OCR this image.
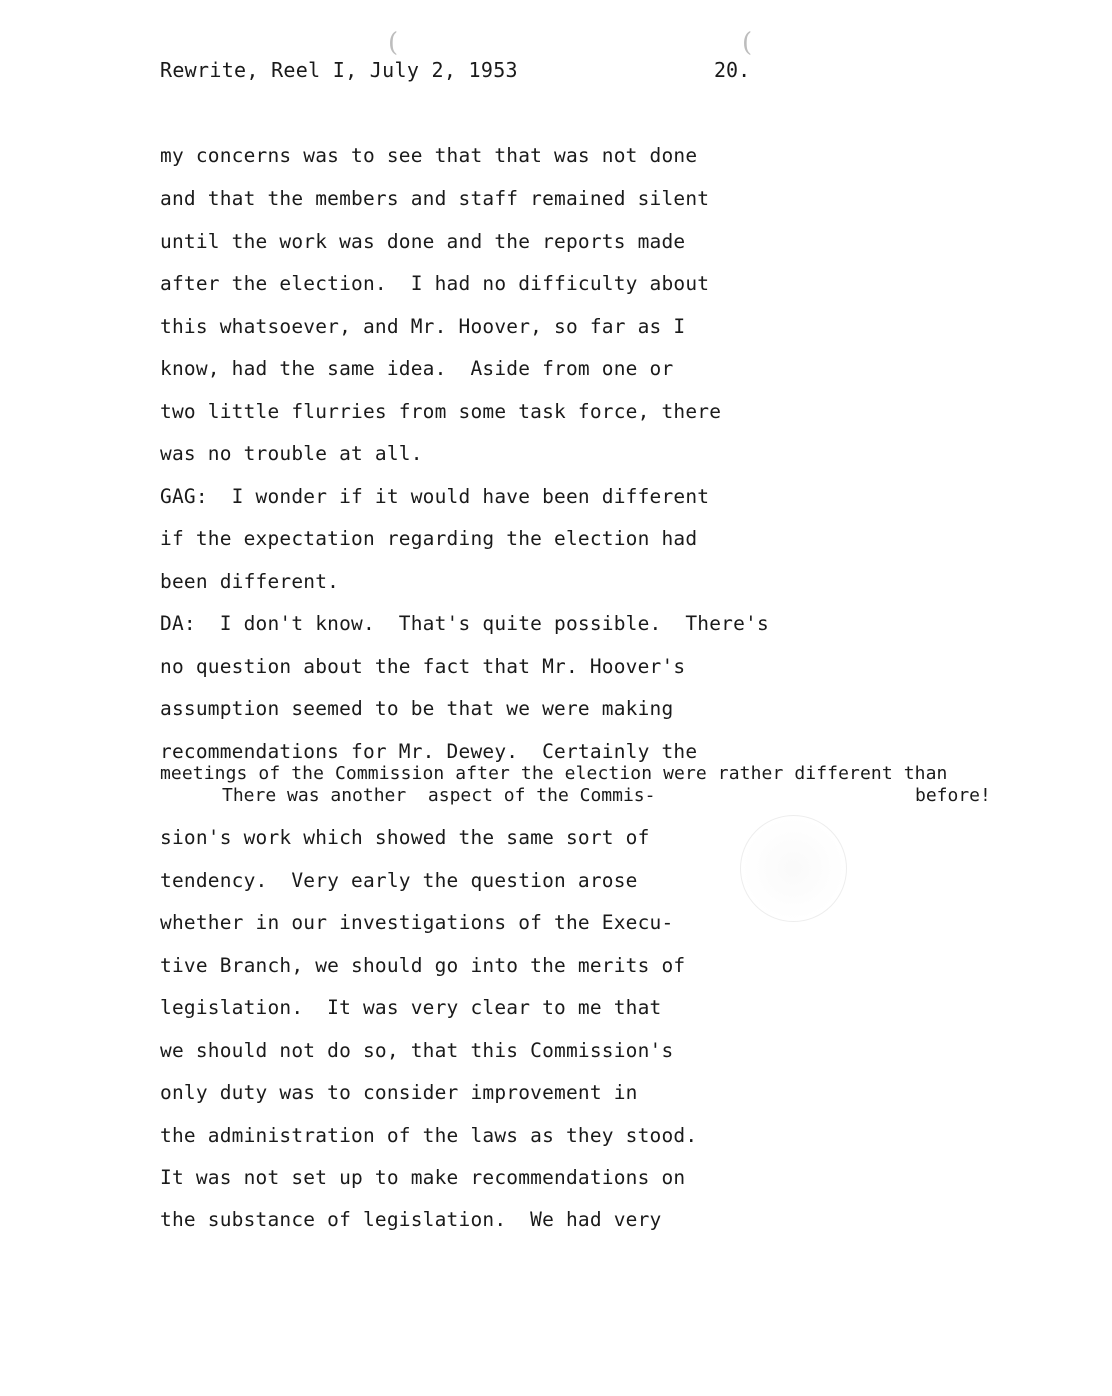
(	(
Rewrite, Reel I, July 2, 1953	20.
my concerns was to see that that was not done
and that the members and staff remained silent
until the work was done and the reports made
after the election.  I had no difficulty about
this whatsoever, and Mr. Hoover, so far as I
know, had the same idea.  Aside from one or
two little flurries from some task force, there
was no trouble at all.
GAG:  I wonder if it would have been different
if the expectation regarding the election had
been different.
DA:  I don't know.  That's quite possible.  There's
no question about the fact that Mr. Hoover's
assumption seemed to be that we were making
recommendations for Mr. Dewey.  Certainly the
meetings of the Commission after the election were rather different than
There was another  aspect of the Commis-	before!
sion's work which showed the same sort of
tendency.  Very early the question arose
whether in our investigations of the Execu-
tive Branch, we should go into the merits of
legislation.  It was very clear to me that
we should not do so, that this Commission's
only duty was to consider improvement in
the administration of the laws as they stood.
It was not set up to make recommendations on
the substance of legislation.  We had very
